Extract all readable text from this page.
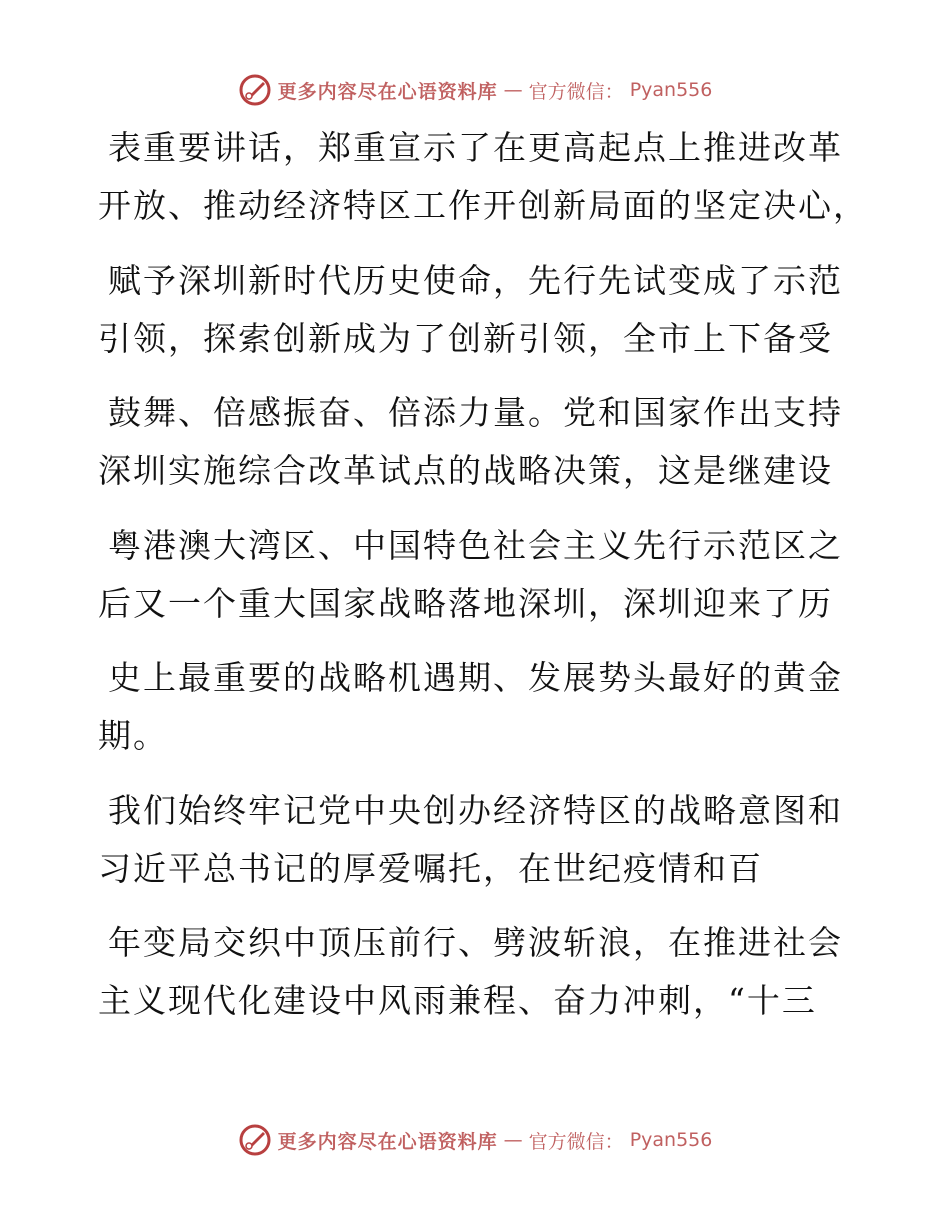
更多内容尽在心语资料库 — 官方微信： Pyan556
表重要讲话，郑重宣示了在更高起点上推进改革
开放、推动经济特区工作开创新局面的坚定决心，
赋予深圳新时代历史使命，先行先试变成了示范
引领，探索创新成为了创新引领，全市上下备受
鼓舞、倍感振奋、倍添力量。党和国家作出支持
深圳实施综合改革试点的战略决策，这是继建设
粤港澳大湾区、中国特色社会主义先行示范区之
后又一个重大国家战略落地深圳，深圳迎来了历
史上最重要的战略机遇期、发展势头最好的黄金
期。
我们始终牢记党中央创办经济特区的战略意图和
习近平总书记的厚爱嘱托，在世纪疫情和百
年变局交织中顶压前行、劈波斩浪，在推进社会
主义现代化建设中风雨兼程、奋力冲刺，“十三
更多内容尽在心语资料库 — 官方微信： Pyan556
